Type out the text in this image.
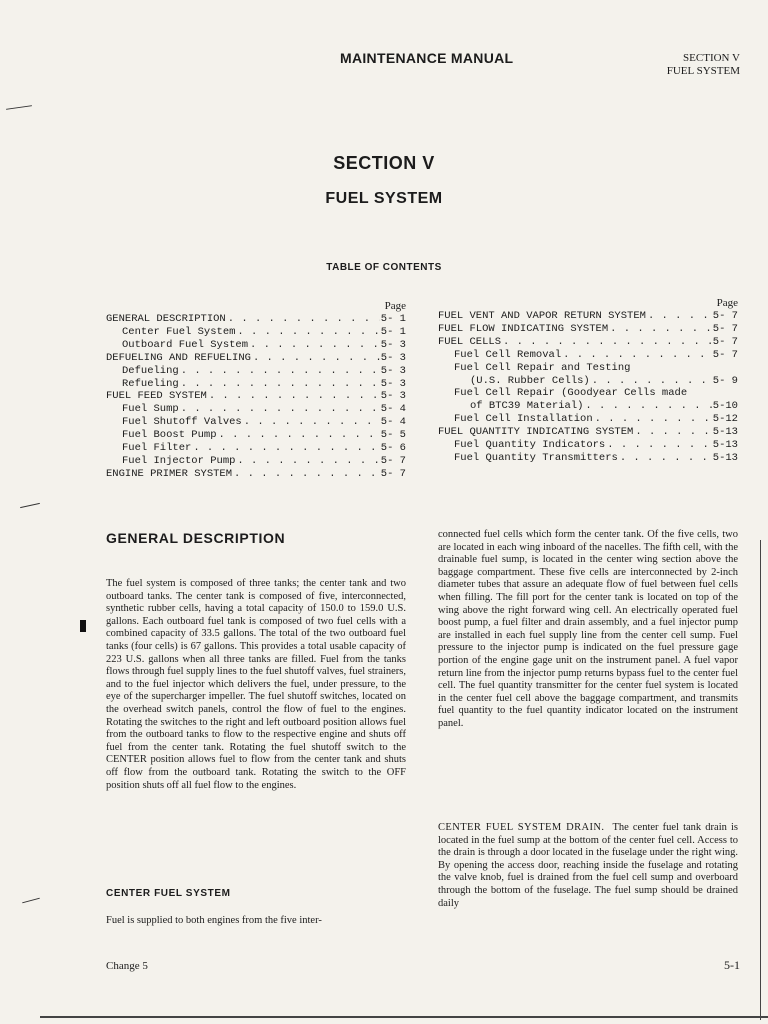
MAINTENANCE MANUAL	SECTION V
FUEL SYSTEM
SECTION V
FUEL SYSTEM
TABLE OF CONTENTS
Page
GENERAL DESCRIPTION . . .	5- 1
Center Fuel System . . .	5- 1
Outboard Fuel System . . .	5- 3
DEFUELING AND REFUELING . . .	5- 3
Defueling . . .	5- 3
Refueling . . .	5- 3
FUEL FEED SYSTEM . . .	5- 3
Fuel Sump . . .	5- 4
Fuel Shutoff Valves . . .	5- 4
Fuel Boost Pump . . .	5- 5
Fuel Filter . . .	5- 6
Fuel Injector Pump . . .	5- 7
ENGINE PRIMER SYSTEM . . .	5- 7
Page
FUEL VENT AND VAPOR RETURN SYSTEM . . .	5- 7
FUEL FLOW INDICATING SYSTEM . . .	5- 7
FUEL CELLS . . .	5- 7
Fuel Cell Removal . . .	5- 7
Fuel Cell Repair and Testing
(U.S. Rubber Cells) . . .	5- 9
Fuel Cell Repair (Goodyear Cells made
of BTC39 Material) . . .	5-10
Fuel Cell Installation . . .	5-12
FUEL QUANTITY INDICATING SYSTEM . . .	5-13
Fuel Quantity Indicators . . .	5-13
Fuel Quantity Transmitters . . .	5-13
GENERAL DESCRIPTION
The fuel system is composed of three tanks; the center tank and two outboard tanks. The center tank is composed of five, interconnected, synthetic rubber cells, having a total capacity of 150.0 to 159.0 U.S. gallons. Each outboard fuel tank is composed of two fuel cells with a combined capacity of 33.5 gallons. The total of the two outboard fuel tanks (four cells) is 67 gallons. This provides a total usable capacity of 223 U.S. gallons when all three tanks are filled. Fuel from the tanks flows through fuel supply lines to the fuel shutoff valves, fuel strainers, and to the fuel injector which delivers the fuel, under pressure, to the eye of the supercharger impeller. The fuel shutoff switches, located on the overhead switch panels, control the flow of fuel to the engines. Rotating the switches to the right and left outboard position allows fuel from the outboard tanks to flow to the respective engine and shuts off fuel from the center tank. Rotating the fuel shutoff switch to the CENTER position allows fuel to flow from the center tank and shuts off flow from the outboard tank. Rotating the switch to the OFF position shuts off all fuel flow to the engines.
CENTER FUEL SYSTEM
Fuel is supplied to both engines from the five inter-
connected fuel cells which form the center tank. Of the five cells, two are located in each wing inboard of the nacelles. The fifth cell, with the drainable fuel sump, is located in the center wing section above the baggage compartment. These five cells are interconnected by 2-inch diameter tubes that assure an adequate flow of fuel between fuel cells when filling. The fill port for the center tank is located on top of the wing above the right forward wing cell. An electrically operated fuel boost pump, a fuel filter and drain assembly, and a fuel injector pump are installed in each fuel supply line from the center cell sump. Fuel pressure to the injector pump is indicated on the fuel pressure gage portion of the engine gage unit on the instrument panel. A fuel vapor return line from the injector pump returns bypass fuel to the center fuel cell. The fuel quantity transmitter for the center fuel system is located in the center fuel cell above the baggage compartment, and transmits fuel quantity to the fuel quantity indicator located on the instrument panel.
CENTER FUEL SYSTEM DRAIN. The center fuel tank drain is located in the fuel sump at the bottom of the center fuel cell. Access to the drain is through a door located in the fuselage under the right wing. By opening the access door, reaching inside the fuselage and rotating the valve knob, fuel is drained from the fuel cell sump and overboard through the bottom of the fuselage. The fuel sump should be drained daily
Change 5	5-1
